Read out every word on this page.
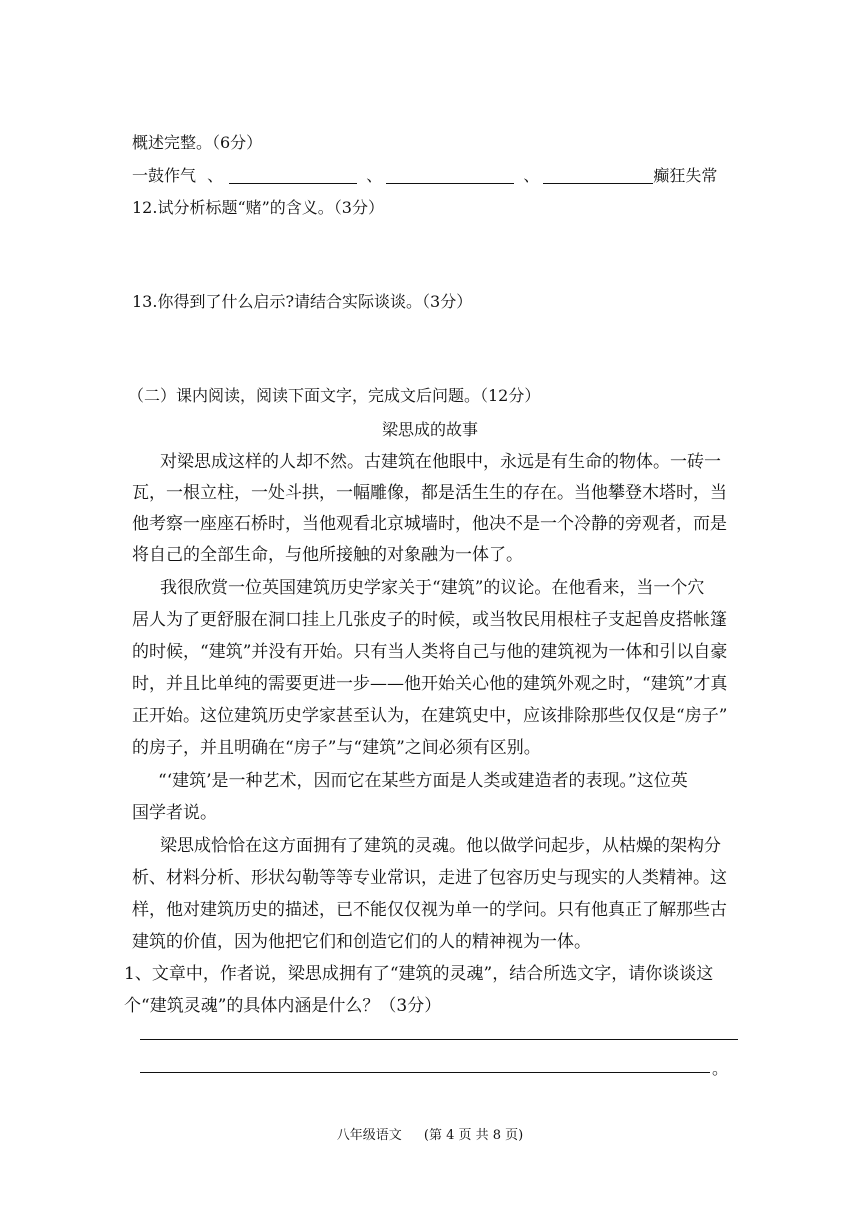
概述完整。（6分）
一鼓作气 、	、	、	癫狂失常
12.试分析标题“赌”的含义。（3分）
13.你得到了什么启示?请结合实际谈谈。（3分）
（二）课内阅读，阅读下面文字，完成文后问题。（12分）
梁思成的故事
对梁思成这样的人却不然。古建筑在他眼中，永远是有生命的物体。一砖一
瓦，一根立柱，一处斗拱，一幅雕像，都是活生生的存在。当他攀登木塔时，当
他考察一座座石桥时，当他观看北京城墙时，他决不是一个冷静的旁观者，而是
将自己的全部生命，与他所接触的对象融为一体了。
我很欣赏一位英国建筑历史学家关于“建筑”的议论。在他看来，当一个穴
居人为了更舒服在洞口挂上几张皮子的时候，或当牧民用根柱子支起兽皮搭帐篷
的时候，“建筑”并没有开始。只有当人类将自己与他的建筑视为一体和引以自豪
时，并且比单纯的需要更进一步——他开始关心他的建筑外观之时，“建筑”才真
正开始。这位建筑历史学家甚至认为，在建筑史中，应该排除那些仅仅是“房子”
的房子，并且明确在“房子”与“建筑”之间必须有区别。
“‘建筑’是一种艺术，因而它在某些方面是人类或建造者的表现。”这位英
国学者说。
梁思成恰恰在这方面拥有了建筑的灵魂。他以做学问起步，从枯燥的架构分
析、材料分析、形状勾勒等等专业常识，走进了包容历史与现实的人类精神。这
样，他对建筑历史的描述，已不能仅仅视为单一的学问。只有他真正了解那些古
建筑的价值，因为他把它们和创造它们的人的精神视为一体。
1、文章中，作者说，梁思成拥有了“建筑的灵魂”，结合所选文字，请你谈谈这
个“建筑灵魂”的具体内涵是什么？（3分）
。
八年级语文 (第 4 页 共 8 页)
